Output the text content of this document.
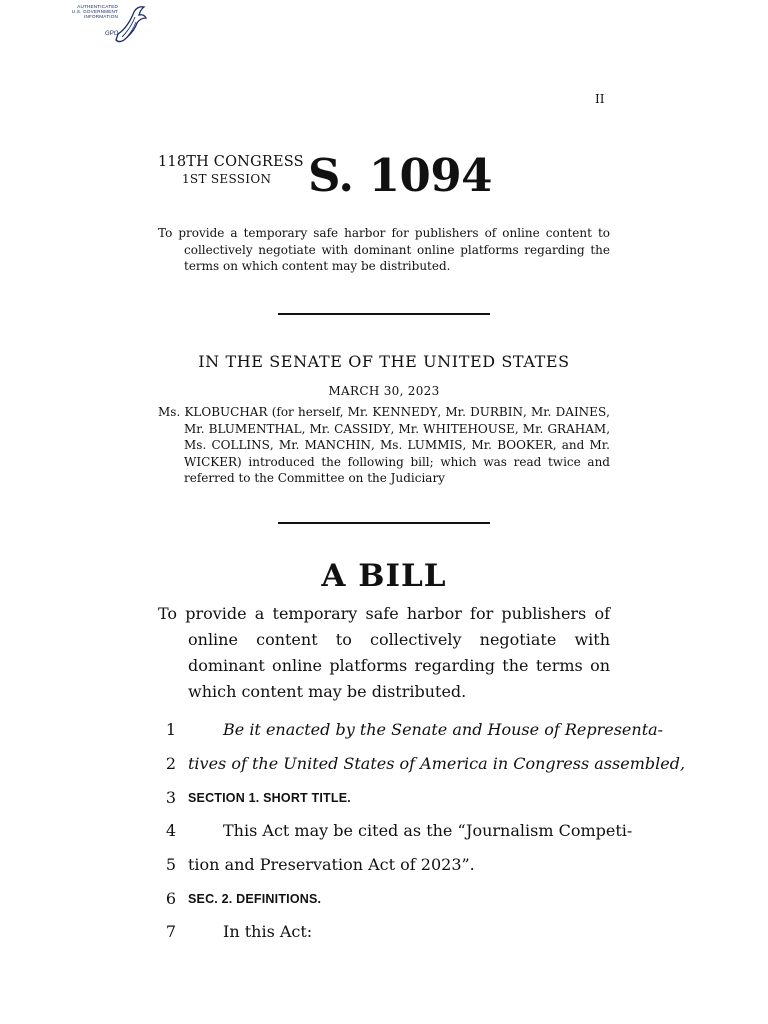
AUTHENTICATED
U.S. GOVERNMENT
INFORMATION
GPO
II
118TH CONGRESS
1ST SESSION S. 1094
To provide a temporary safe harbor for publishers of online content to collectively negotiate with dominant online platforms regarding the terms on which content may be distributed.
IN THE SENATE OF THE UNITED STATES
MARCH 30, 2023
Ms. KLOBUCHAR (for herself, Mr. KENNEDY, Mr. DURBIN, Mr. DAINES, Mr. BLUMENTHAL, Mr. CASSIDY, Mr. WHITEHOUSE, Mr. GRAHAM, Ms. COLLINS, Mr. MANCHIN, Ms. LUMMIS, Mr. BOOKER, and Mr. WICKER) introduced the following bill; which was read twice and referred to the Committee on the Judiciary
A BILL
To provide a temporary safe harbor for publishers of online content to collectively negotiate with dominant online platforms regarding the terms on which content may be distributed.
1	Be it enacted by the Senate and House of Representa-
2 tives of the United States of America in Congress assembled,
3 SECTION 1. SHORT TITLE.
4	This Act may be cited as the “Journalism Competi-
5 tion and Preservation Act of 2023”.
6 SEC. 2. DEFINITIONS.
7	In this Act:
